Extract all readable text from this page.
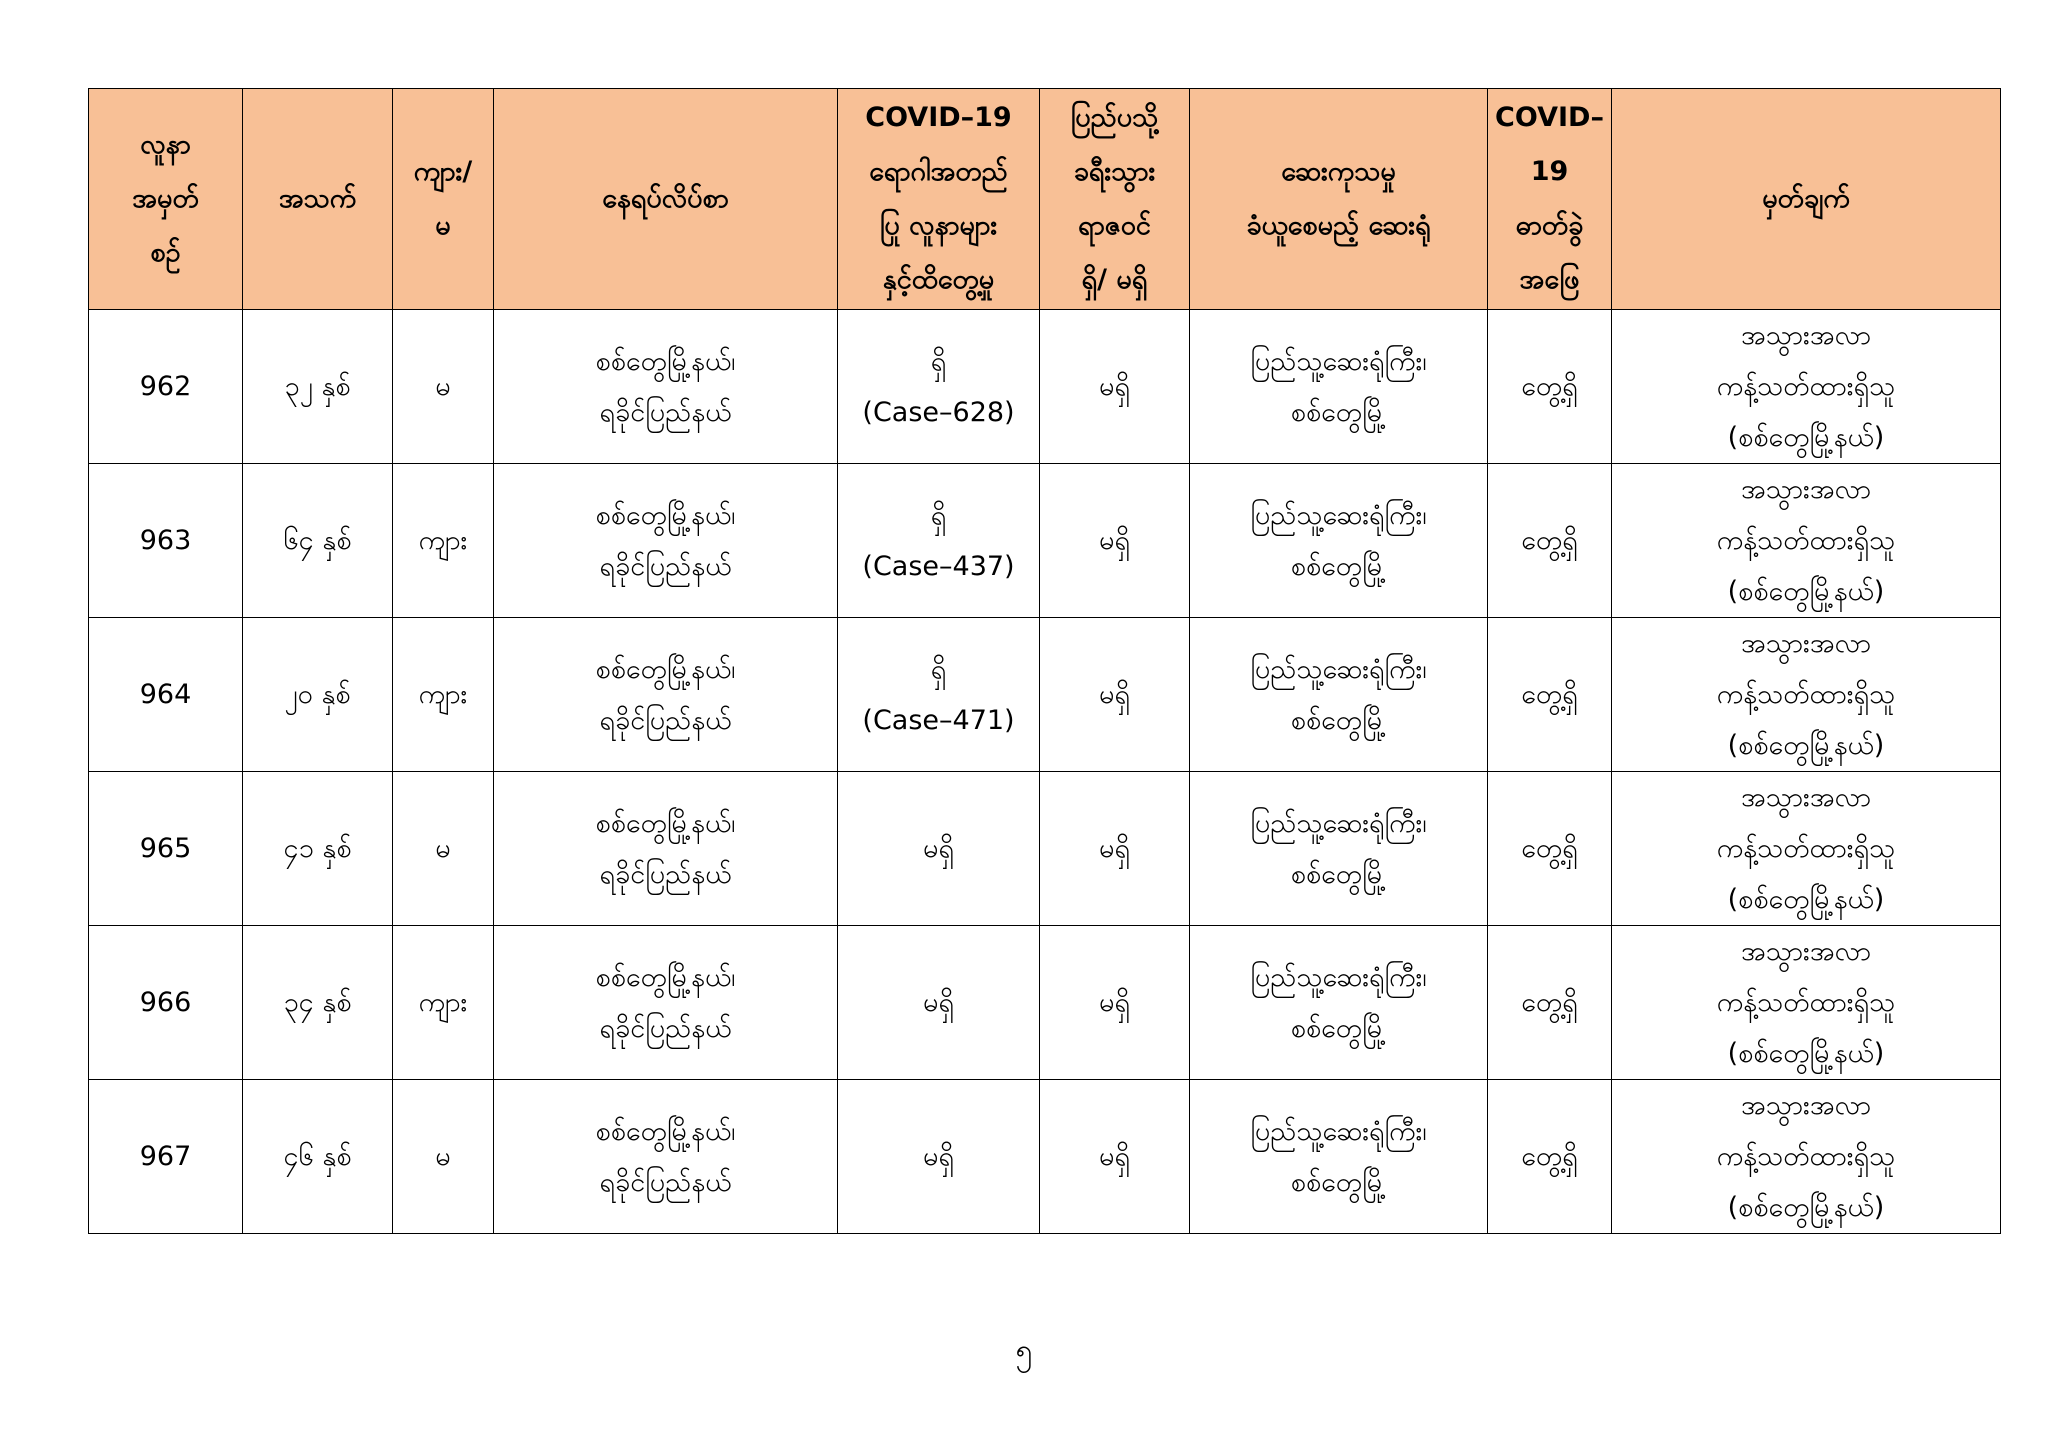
လူနာ
အမှတ်
စဉ်	အသက်	ကျား/
မ	နေရပ်လိပ်စာ	COVID–19
ရောဂါအတည်
ပြု လူနာများ
နှင့်ထိတွေ့မှု	ပြည်ပသို့
ခရီးသွား
ရာဇဝင်
ရှိ/ မရှိ	ဆေးကုသမှု
ခံယူစေမည့် ဆေးရုံ	COVID–
19
ဓာတ်ခွဲ
အဖြေ	မှတ်ချက်

962	၃၂ နှစ်	မ	စစ်တွေမြို့နယ်၊
ရခိုင်ပြည်နယ်	ရှိ
(Case–628)	မရှိ	ပြည်သူ့ဆေးရုံကြီး၊
စစ်တွေမြို့	တွေ့ရှိ	အသွားအလာ
ကန့်သတ်ထားရှိသူ
(စစ်တွေမြို့နယ်)

963	၆၄ နှစ်	ကျား	စစ်တွေမြို့နယ်၊
ရခိုင်ပြည်နယ်	ရှိ
(Case–437)	မရှိ	ပြည်သူ့ဆေးရုံကြီး၊
စစ်တွေမြို့	တွေ့ရှိ	အသွားအလာ
ကန့်သတ်ထားရှိသူ
(စစ်တွေမြို့နယ်)

964	၂၀ နှစ်	ကျား	စစ်တွေမြို့နယ်၊
ရခိုင်ပြည်နယ်	ရှိ
(Case–471)	မရှိ	ပြည်သူ့ဆေးရုံကြီး၊
စစ်တွေမြို့	တွေ့ရှိ	အသွားအလာ
ကန့်သတ်ထားရှိသူ
(စစ်တွေမြို့နယ်)

965	၄၁ နှစ်	မ	စစ်တွေမြို့နယ်၊
ရခိုင်ပြည်နယ်	မရှိ	မရှိ	ပြည်သူ့ဆေးရုံကြီး၊
စစ်တွေမြို့	တွေ့ရှိ	အသွားအလာ
ကန့်သတ်ထားရှိသူ
(စစ်တွေမြို့နယ်)

966	၃၄ နှစ်	ကျား	စစ်တွေမြို့နယ်၊
ရခိုင်ပြည်နယ်	မရှိ	မရှိ	ပြည်သူ့ဆေးရုံကြီး၊
စစ်တွေမြို့	တွေ့ရှိ	အသွားအလာ
ကန့်သတ်ထားရှိသူ
(စစ်တွေမြို့နယ်)

967	၄၆ နှစ်	မ	စစ်တွေမြို့နယ်၊
ရခိုင်ပြည်နယ်	မရှိ	မရှိ	ပြည်သူ့ဆေးရုံကြီး၊
စစ်တွေမြို့	တွေ့ရှိ	အသွားအလာ
ကန့်သတ်ထားရှိသူ
(စစ်တွေမြို့နယ်)
၅
